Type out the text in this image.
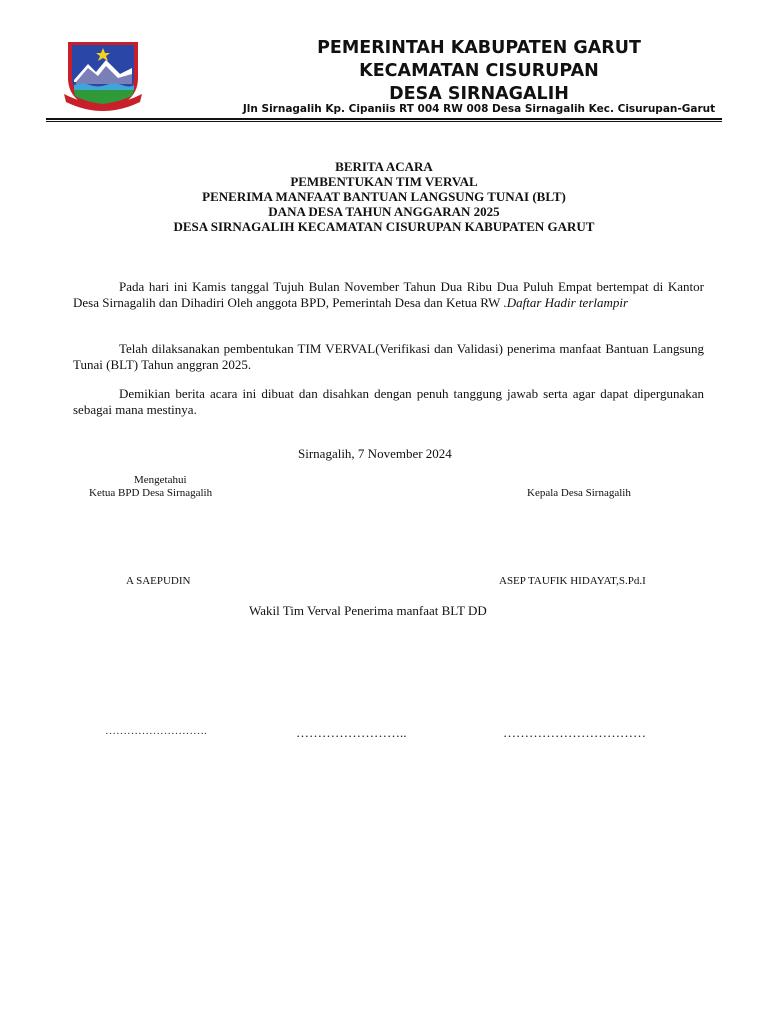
PEMERINTAH KABUPATEN GARUT
KECAMATAN CISURUPAN
DESA SIRNAGALIH
Jln Sirnagalih Kp. Cipaniis RT 004 RW 008 Desa Sirnagalih Kec. Cisurupan-Garut
BERITA ACARA
PEMBENTUKAN TIM VERVAL
PENERIMA MANFAAT BANTUAN LANGSUNG TUNAI (BLT)
DANA DESA TAHUN ANGGARAN 2025
DESA SIRNAGALIH KECAMATAN CISURUPAN KABUPATEN GARUT
Pada hari ini Kamis tanggal Tujuh Bulan November Tahun Dua Ribu Dua Puluh Empat bertempat di Kantor Desa Sirnagalih dan Dihadiri Oleh anggota BPD, Pemerintah Desa dan Ketua RW .Daftar Hadir terlampir
Telah dilaksanakan pembentukan TIM VERVAL(Verifikasi dan Validasi) penerima manfaat Bantuan Langsung Tunai (BLT) Tahun anggran 2025.
Demikian berita acara ini dibuat dan disahkan dengan penuh tanggung jawab serta agar dapat dipergunakan sebagai mana mestinya.
Sirnagalih, 7 November 2024
Mengetahui
Ketua BPD Desa Sirnagalih	Kepala Desa Sirnagalih
A SAEPUDIN	ASEP TAUFIK HIDAYAT,S.Pd.I
Wakil Tim Verval Penerima manfaat BLT DD
……………………….	……………………..	……………………………
